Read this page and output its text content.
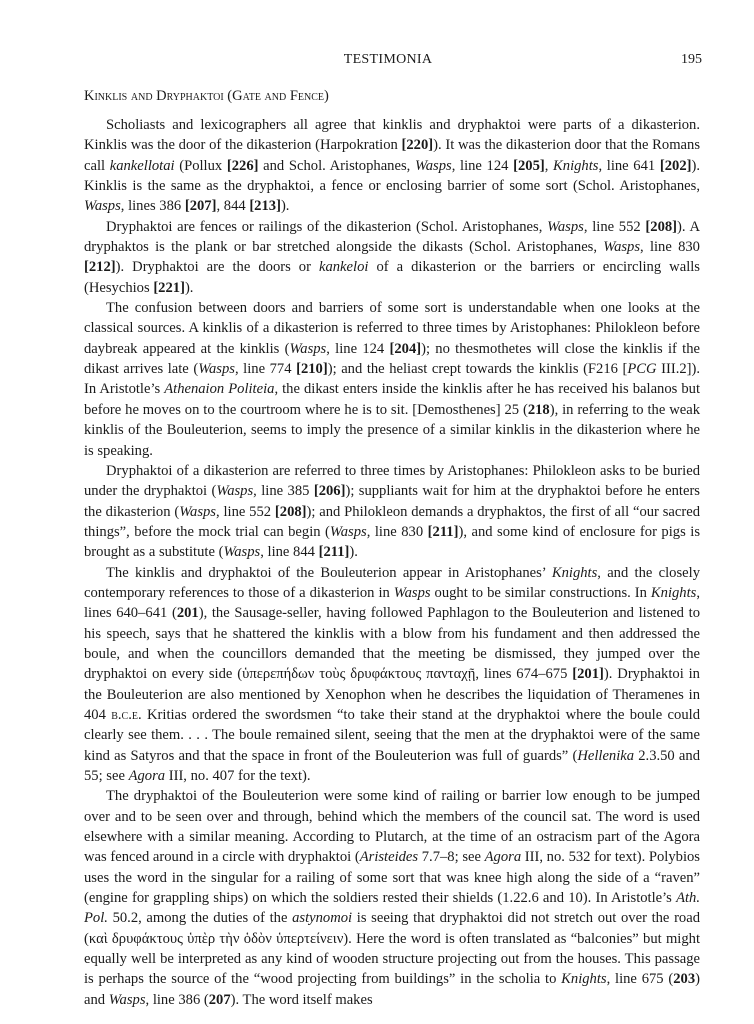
TESTIMONIA	195
Kinklis and Dryphaktoi (Gate and Fence)

Scholiasts and lexicographers all agree that kinklis and dryphaktoi were parts of a dikasterion. Kinklis was the door of the dikasterion (Harpokration [220]). It was the dikasterion door that the Romans call kankellotai (Pollux [226] and Schol. Aristophanes, Wasps, line 124 [205], Knights, line 641 [202]). Kinklis is the same as the dryphaktoi, a fence or enclosing barrier of some sort (Schol. Aristophanes, Wasps, lines 386 [207], 844 [213]).

Dryphaktoi are fences or railings of the dikasterion (Schol. Aristophanes, Wasps, line 552 [208]). A dryphaktos is the plank or bar stretched alongside the dikasts (Schol. Aristophanes, Wasps, line 830 [212]). Dryphaktoi are the doors or kankeloi of a dikasterion or the barriers or encircling walls (Hesychios [221]).

The confusion between doors and barriers of some sort is understandable when one looks at the classical sources. A kinklis of a dikasterion is referred to three times by Aristophanes: Philokleon before daybreak appeared at the kinklis (Wasps, line 124 [204]); no thesmothetes will close the kinklis if the dikast arrives late (Wasps, line 774 [210]); and the heliast crept towards the kinklis (F216 [PCG III.2]). In Aristotle’s Athenaion Politeia, the dikast enters inside the kinklis after he has received his balanos but before he moves on to the courtroom where he is to sit. [Demosthenes] 25 (218), in referring to the weak kinklis of the Bouleuterion, seems to imply the presence of a similar kinklis in the dikasterion where he is speaking.

Dryphaktoi of a dikasterion are referred to three times by Aristophanes: Philokleon asks to be buried under the dryphaktoi (Wasps, line 385 [206]); suppliants wait for him at the dryphaktoi before he enters the dikasterion (Wasps, line 552 [208]); and Philokleon demands a dryphaktos, the first of all “our sacred things”, before the mock trial can begin (Wasps, line 830 [211]), and some kind of enclosure for pigs is brought as a substitute (Wasps, line 844 [211]).

The kinklis and dryphaktoi of the Bouleuterion appear in Aristophanes’ Knights, and the closely contemporary references to those of a dikasterion in Wasps ought to be similar constructions. In Knights, lines 640–641 (201), the Sausage-seller, having followed Paphlagon to the Bouleuterion and listened to his speech, says that he shattered the kinklis with a blow from his fundament and then addressed the boule, and when the councillors demanded that the meeting be dismissed, they jumped over the dryphaktoi on every side (ὑπερεπήδων τοὺς δρυφάκτους πανταχῇ, lines 674–675 [201]). Dryphaktoi in the Bouleuterion are also mentioned by Xenophon when he describes the liquidation of Theramenes in 404 b.c.e. Kritias ordered the swordsmen “to take their stand at the dryphaktoi where the boule could clearly see them. . . . The boule remained silent, seeing that the men at the dryphaktoi were of the same kind as Satyros and that the space in front of the Bouleuterion was full of guards” (Hellenika 2.3.50 and 55; see Agora III, no. 407 for the text).

The dryphaktoi of the Bouleuterion were some kind of railing or barrier low enough to be jumped over and to be seen over and through, behind which the members of the council sat. The word is used elsewhere with a similar meaning. According to Plutarch, at the time of an ostracism part of the Agora was fenced around in a circle with dryphaktoi (Aristeides 7.7–8; see Agora III, no. 532 for text). Polybios uses the word in the singular for a railing of some sort that was knee high along the side of a “raven” (engine for grappling ships) on which the soldiers rested their shields (1.22.6 and 10). In Aristotle’s Ath. Pol. 50.2, among the duties of the astynomoi is seeing that dryphaktoi did not stretch out over the road (καὶ δρυφάκτους ὑπὲρ τὴν ὁδὸν ὑπερτείνειν). Here the word is often translated as “balconies” but might equally well be interpreted as any kind of wooden structure projecting out from the houses. This passage is perhaps the source of the “wood projecting from buildings” in the scholia to Knights, line 675 (203) and Wasps, line 386 (207). The word itself makes
